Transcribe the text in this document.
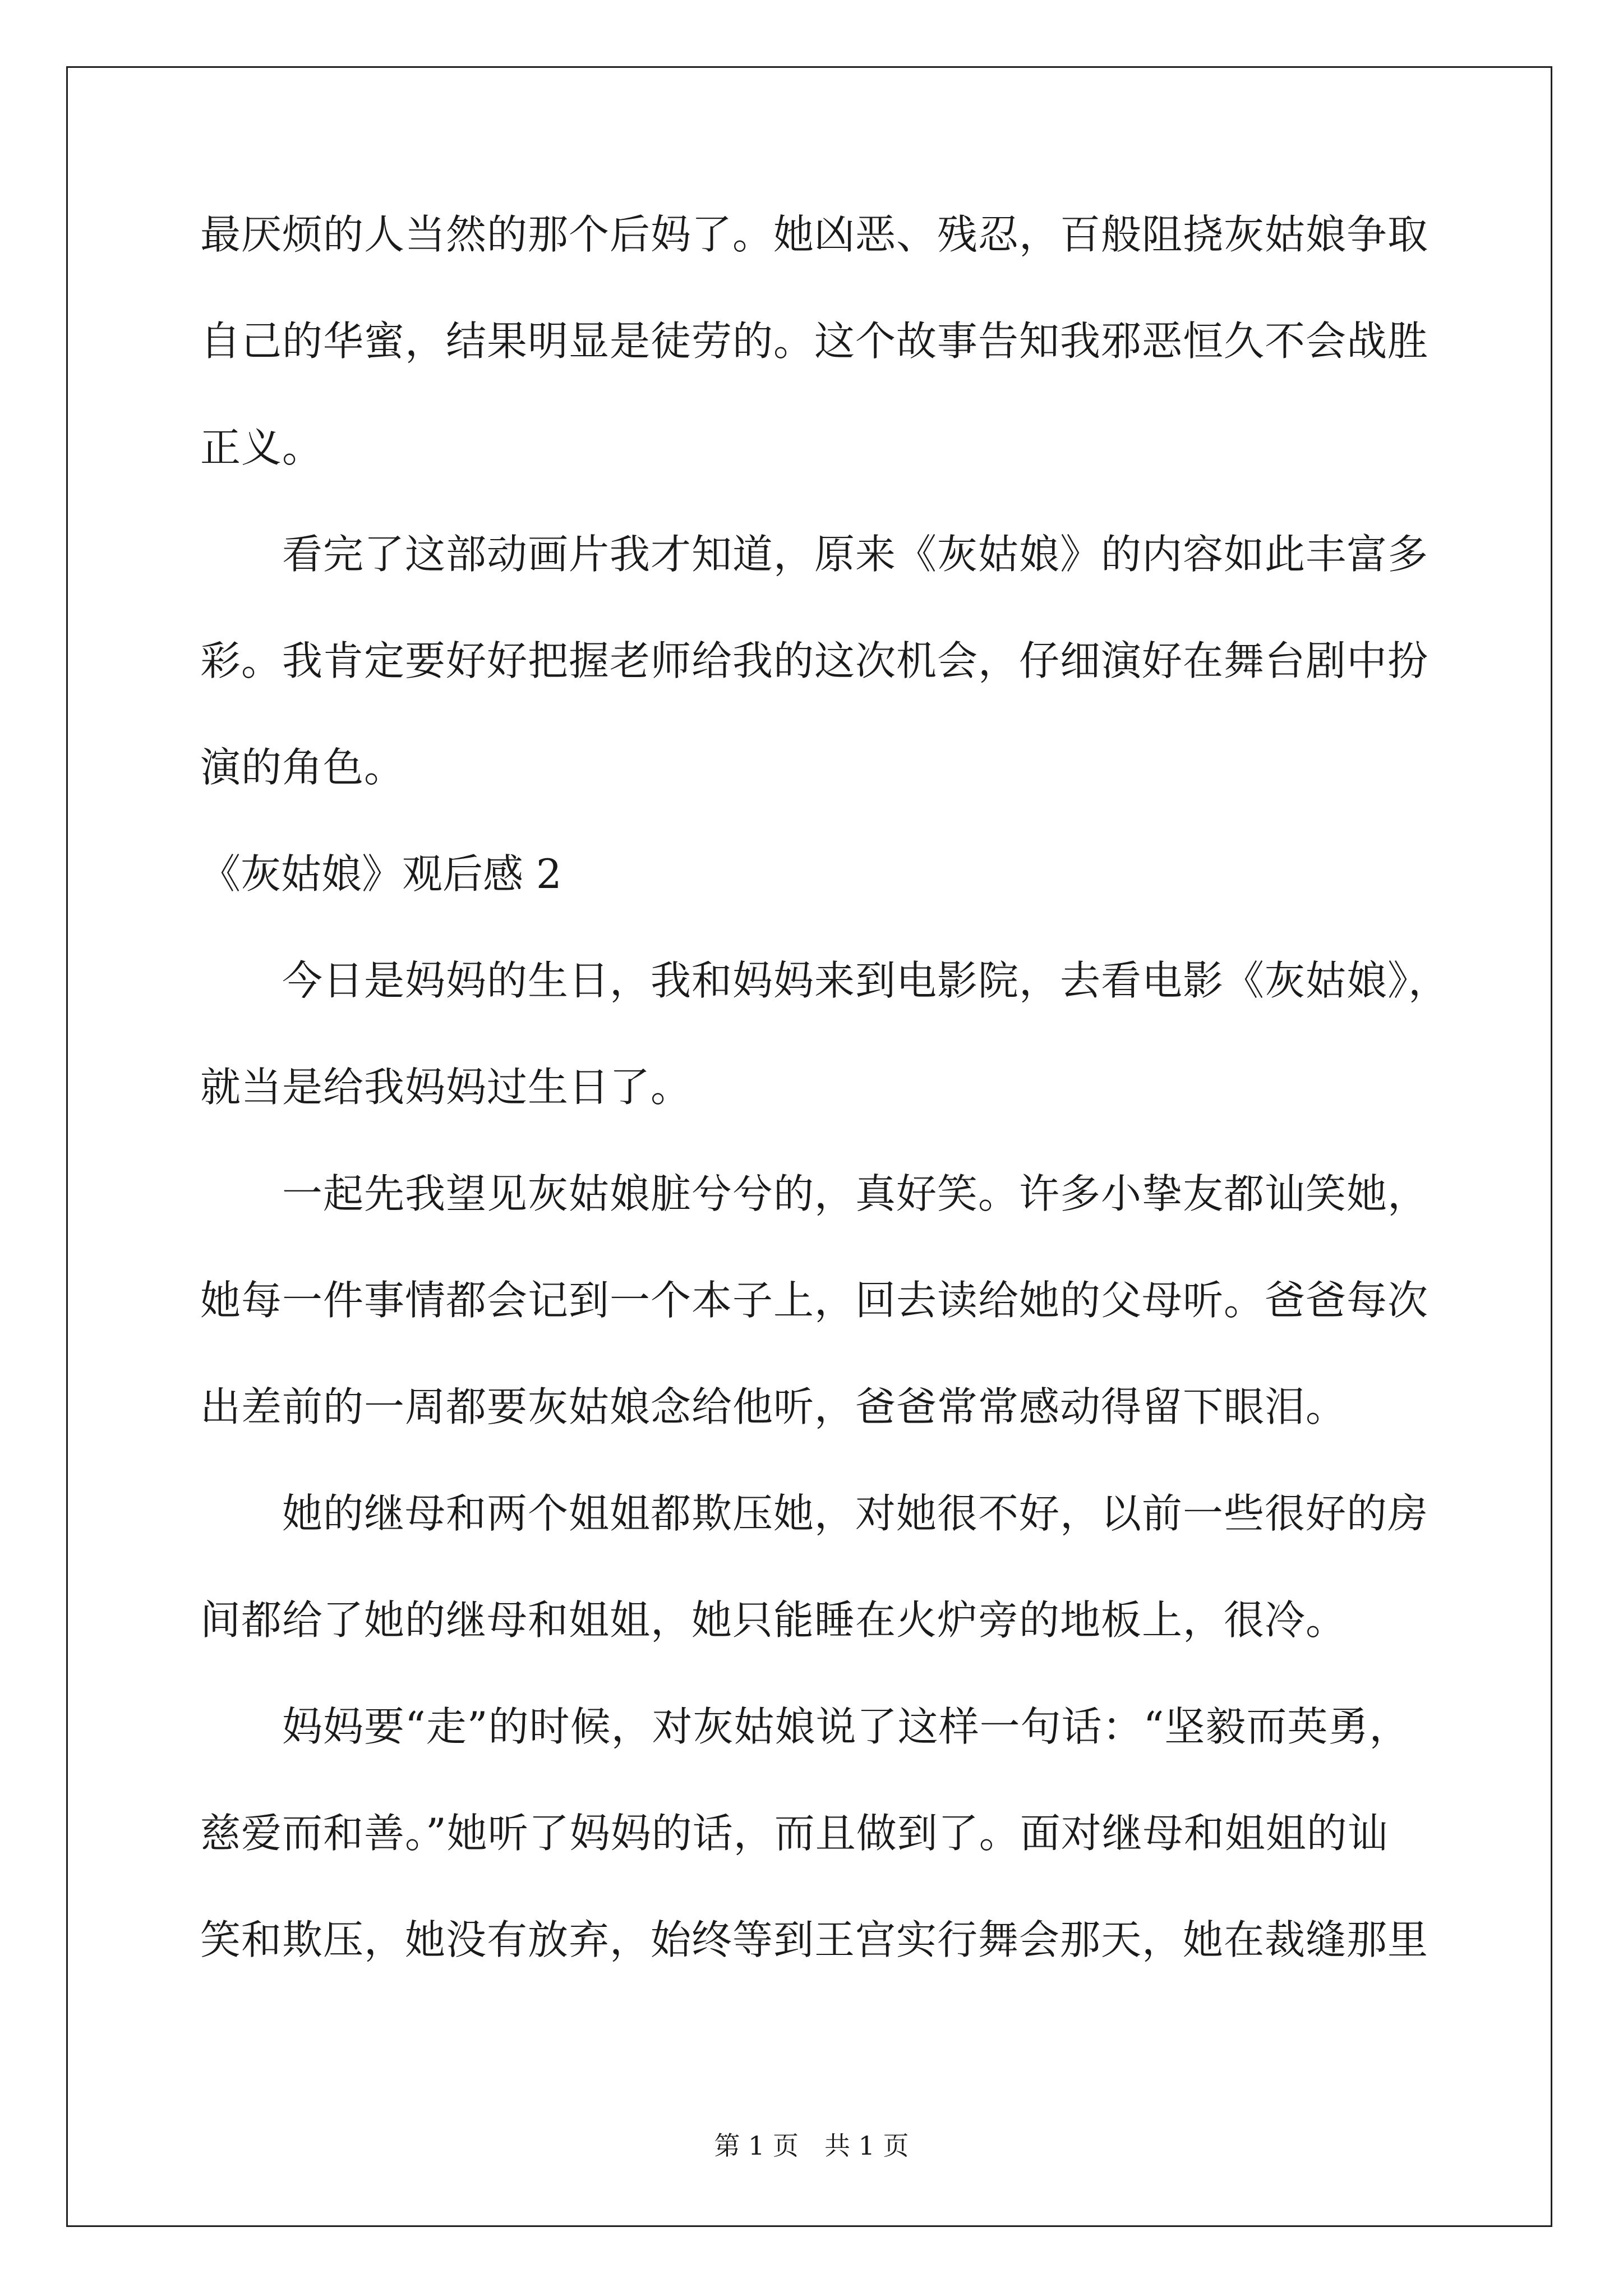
最厌烦的人当然的那个后妈了。她凶恶、残忍，百般阻挠灰姑娘争取

自己的华蜜，结果明显是徒劳的。这个故事告知我邪恶恒久不会战胜

正义。

　　看完了这部动画片我才知道，原来《灰姑娘》的内容如此丰富多

彩。我肯定要好好把握老师给我的这次机会，仔细演好在舞台剧中扮

演的角色。

《灰姑娘》观后感 2

　　今日是妈妈的生日，我和妈妈来到电影院，去看电影《灰姑娘》，

就当是给我妈妈过生日了。

　　一起先我望见灰姑娘脏兮兮的，真好笑。许多小挚友都讪笑她，

她每一件事情都会记到一个本子上，回去读给她的父母听。爸爸每次

出差前的一周都要灰姑娘念给他听，爸爸常常感动得留下眼泪。

　　她的继母和两个姐姐都欺压她，对她很不好，以前一些很好的房

间都给了她的继母和姐姐，她只能睡在火炉旁的地板上，很冷。

　　妈妈要“走”的时候，对灰姑娘说了这样一句话：“坚毅而英勇，

慈爱而和善。”她听了妈妈的话，而且做到了。面对继母和姐姐的讪

笑和欺压，她没有放弃，始终等到王宫实行舞会那天，她在裁缝那里

第 1 页　共 1 页
